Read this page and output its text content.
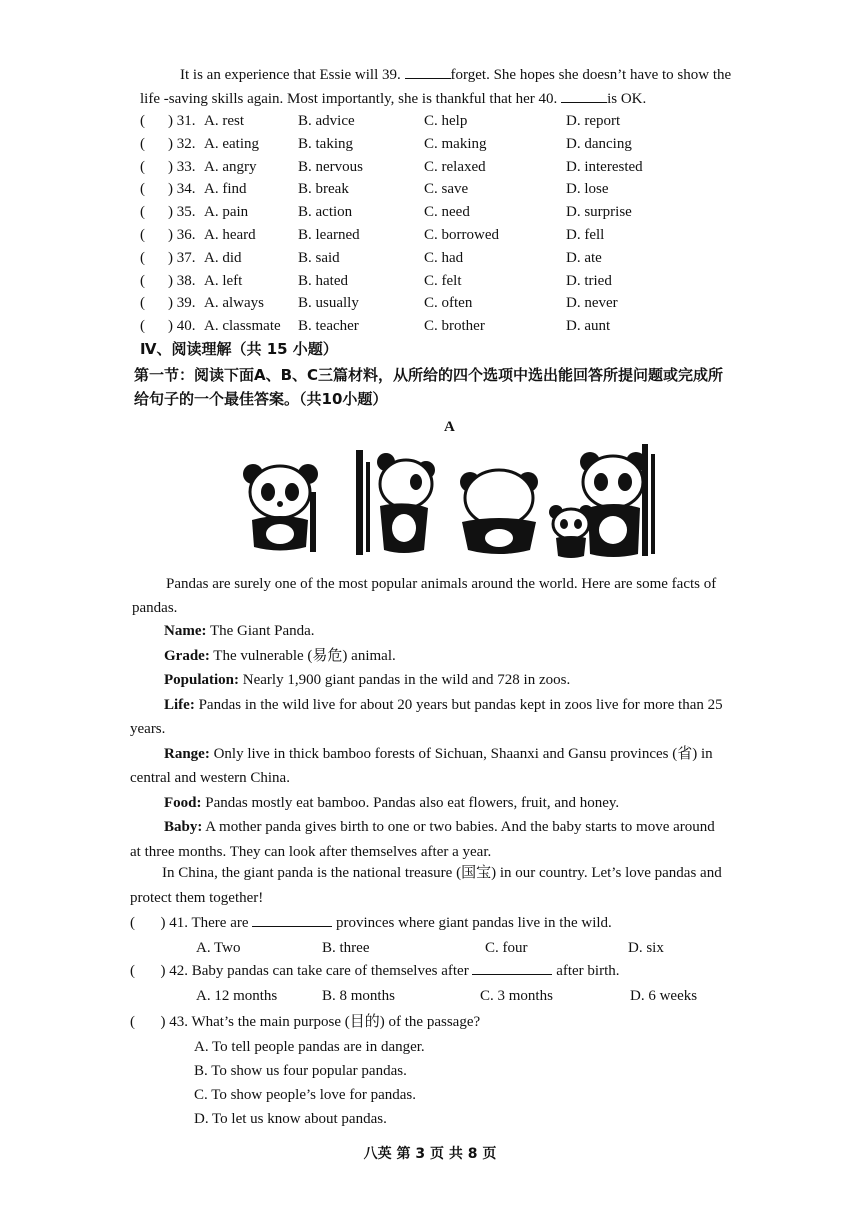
It is an experience that Essie will 39.	forget. She hopes she doesn’t have to show the
life -saving skills again. Most importantly, she is thankful that her 40.	is OK.
( ) 31. A. rest	B. advice	C. help	D. report
( ) 32. A. eating	B. taking	C. making	D. dancing
( ) 33. A. angry	B. nervous	C. relaxed	D. interested
( ) 34. A. find	B. break	C. save	D. lose
( ) 35. A. pain	B. action	C. need	D. surprise
( ) 36. A. heard	B. learned	C. borrowed	D. fell
( ) 37. A. did	B. said	C. had	D. ate
( ) 38. A. left	B. hated	C. felt	D. tried
( ) 39. A. always B. usually	C. often	D. never
( ) 40. A. classmate B. teacher	C. brother	D. aunt
Ⅳ、阅读理解（共 15 小题）
第一节：阅读下面A、B、C三篇材料，从所给的四个选项中选出能回答所提问题或完成所
给句子的一个最佳答案。（共10小题）
A
Pandas are surely one of the most popular animals around the world. Here are some facts of
pandas.
Name: The Giant Panda.
Grade: The vulnerable (易危) animal.
Population: Nearly 1,900 giant pandas in the wild and 728 in zoos.
Life: Pandas in the wild live for about 20 years but pandas kept in zoos live for more than 25
years.
Range: Only live in thick bamboo forests of Sichuan, Shaanxi and Gansu provinces (省) in
central and western China.
Food: Pandas mostly eat bamboo. Pandas also eat flowers, fruit, and honey.
Baby: A mother panda gives birth to one or two babies. And the baby starts to move around
at three months. They can look after themselves after a year.
In China, the giant panda is the national treasure (国宝) in our country. Let’s love pandas and
protect them together!
( ) 41. There are	provinces where giant pandas live in the wild.
A. Two	B. three	C. four	D. six
( ) 42. Baby pandas can take care of themselves after	after birth.
A. 12 months	B. 8 months	C. 3 months	D. 6 weeks
( ) 43. What’s the main purpose (目的) of the passage?
A. To tell people pandas are in danger.
B. To show us four popular pandas.
C. To show people’s love for pandas.
D. To let us know about pandas.
八英 第 3 页 共 8 页
